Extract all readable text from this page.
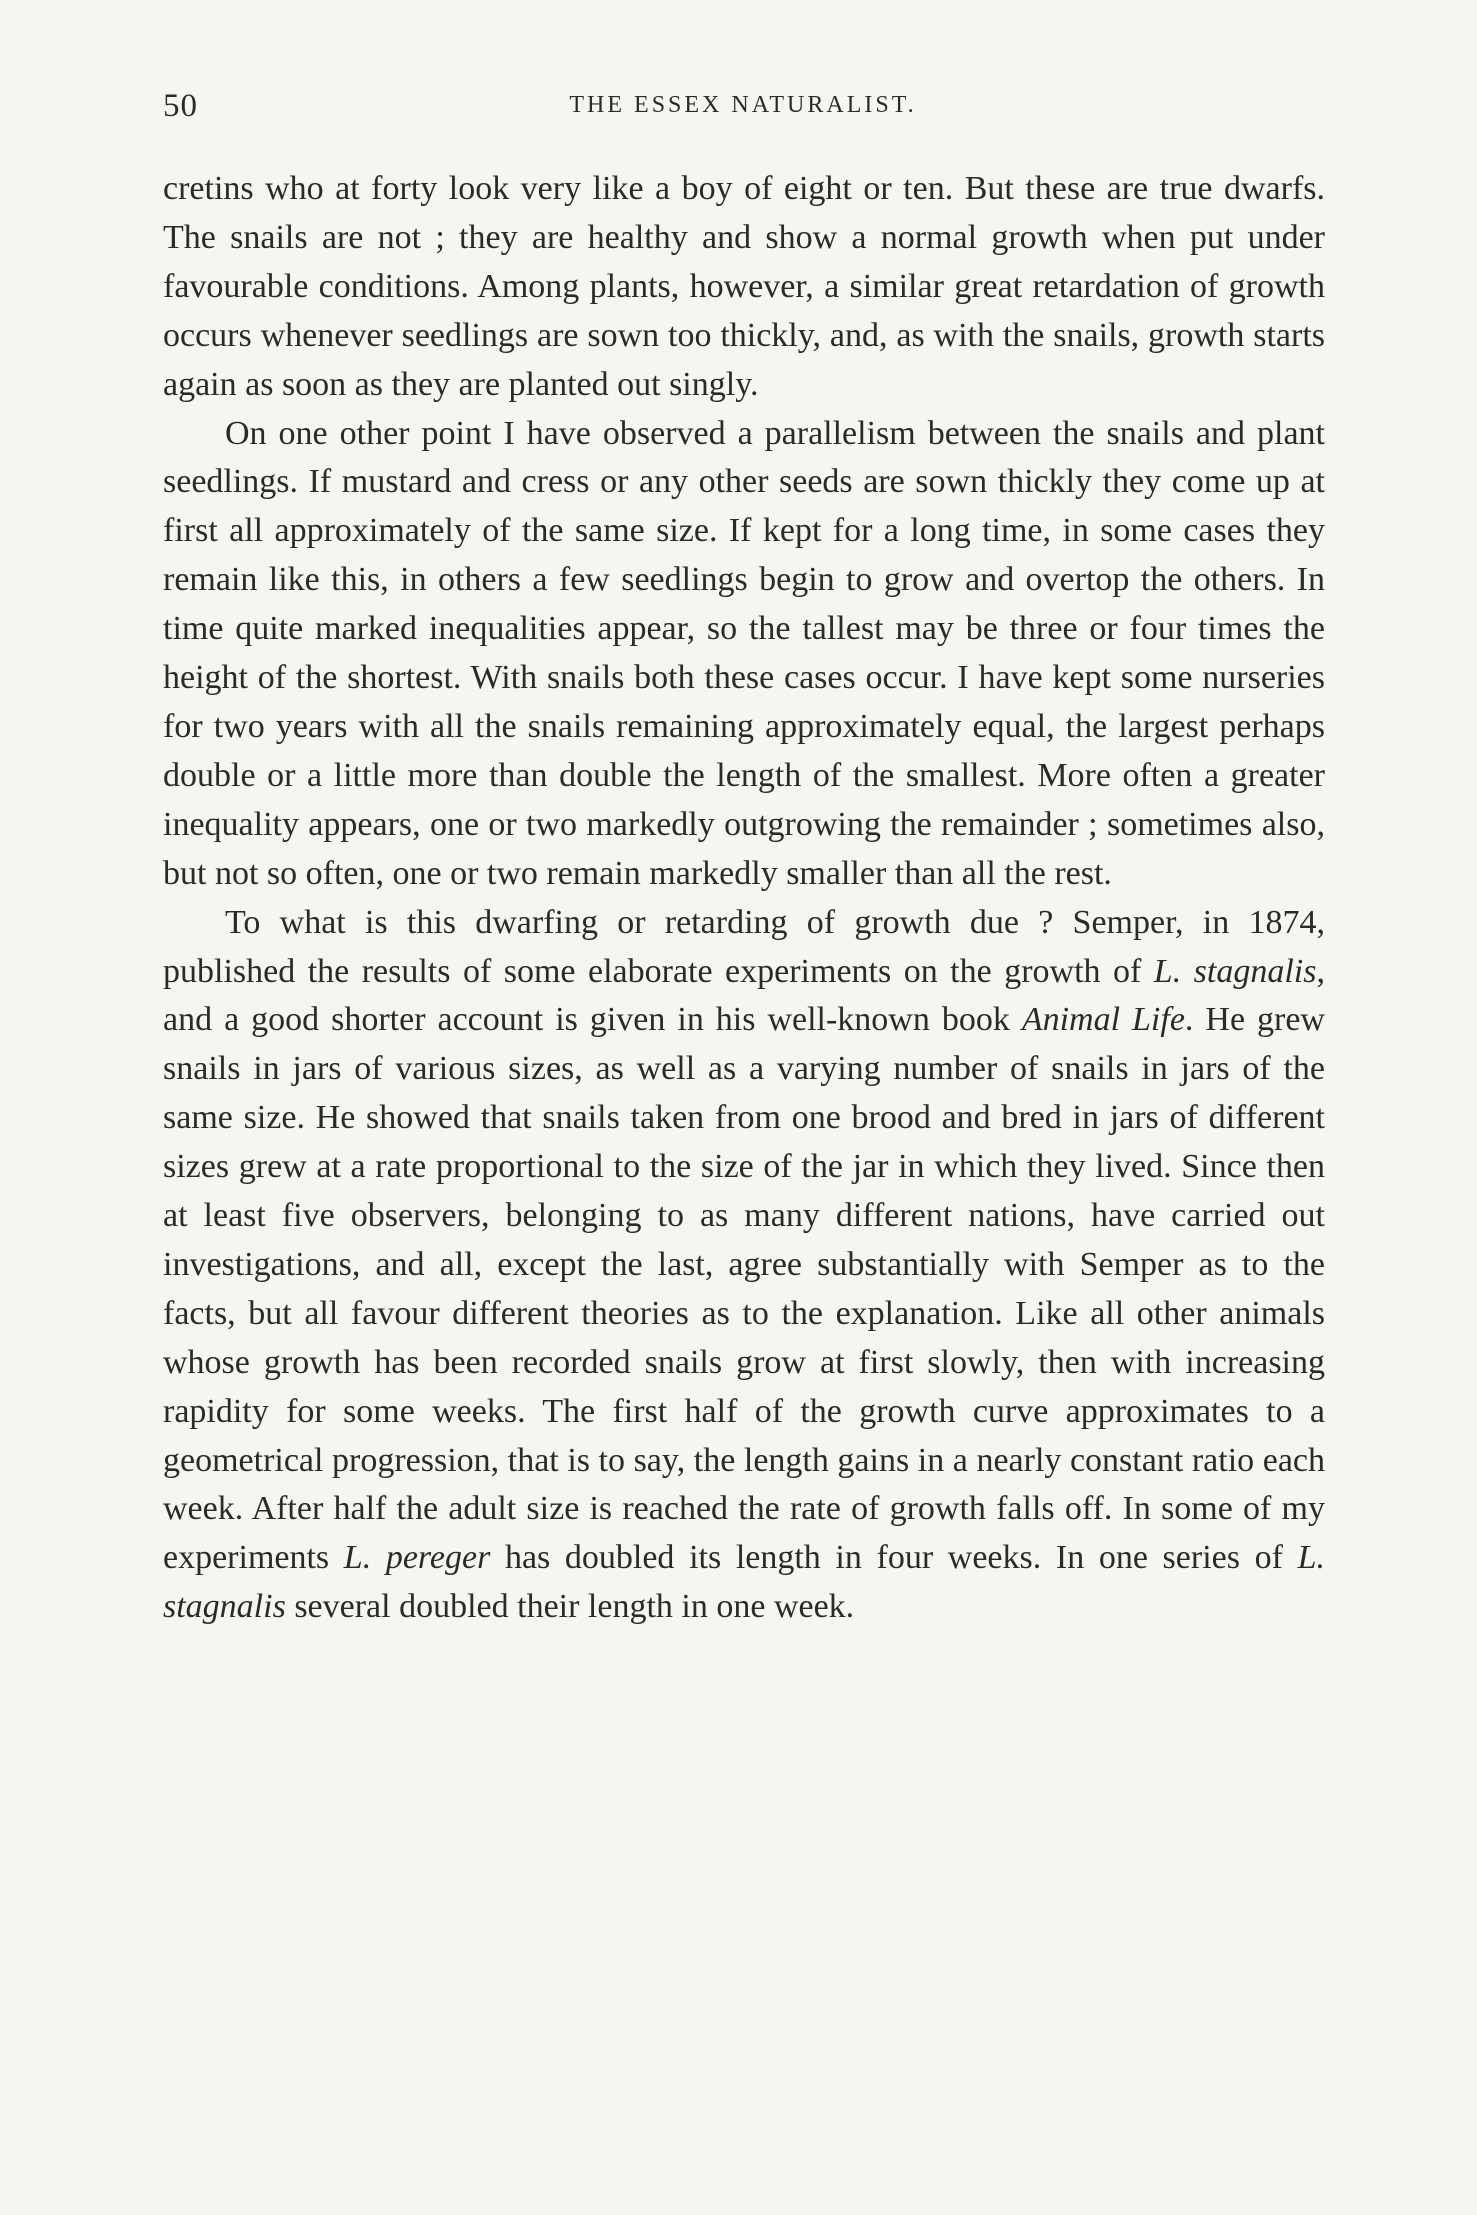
50	THE ESSEX NATURALIST.

cretins who at forty look very like a boy of eight or ten. But these are true dwarfs. The snails are not ; they are healthy and show a normal growth when put under favourable conditions. Among plants, however, a similar great retardation of growth occurs whenever seedlings are sown too thickly, and, as with the snails, growth starts again as soon as they are planted out singly.

On one other point I have observed a parallelism between the snails and plant seedlings. If mustard and cress or any other seeds are sown thickly they come up at first all approximately of the same size. If kept for a long time, in some cases they remain like this, in others a few seedlings begin to grow and overtop the others. In time quite marked inequalities appear, so the tallest may be three or four times the height of the shortest. With snails both these cases occur. I have kept some nurseries for two years with all the snails remaining approximately equal, the largest perhaps double or a little more than double the length of the smallest. More often a greater inequality appears, one or two markedly outgrowing the remainder ; sometimes also, but not so often, one or two remain markedly smaller than all the rest.

To what is this dwarfing or retarding of growth due ? Semper, in 1874, published the results of some elaborate experiments on the growth of L. stagnalis, and a good shorter account is given in his well-known book Animal Life. He grew snails in jars of various sizes, as well as a varying number of snails in jars of the same size. He showed that snails taken from one brood and bred in jars of different sizes grew at a rate proportional to the size of the jar in which they lived. Since then at least five observers, belonging to as many different nations, have carried out investigations, and all, except the last, agree substantially with Semper as to the facts, but all favour different theories as to the explanation. Like all other animals whose growth has been recorded snails grow at first slowly, then with increasing rapidity for some weeks. The first half of the growth curve approximates to a geometrical progression, that is to say, the length gains in a nearly constant ratio each week. After half the adult size is reached the rate of growth falls off. In some of my experiments L. pereger has doubled its length in four weeks. In one series of L. stagnalis several doubled their length in one week.
